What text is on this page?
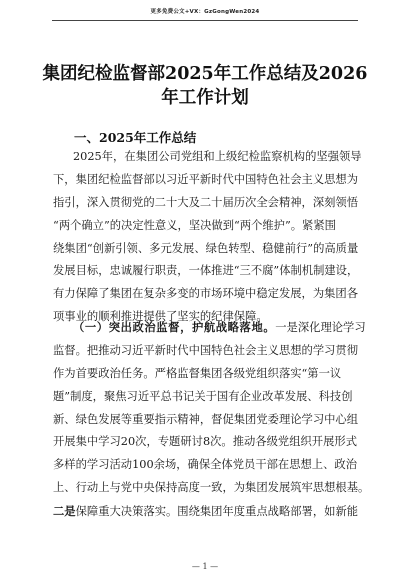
更多免费公文+VX：GzGongWen2024
集团纪检监督部2025年工作总结及2026
年工作计划
一、2025年工作总结
2025年，在集团公司党组和上级纪检监察机构的坚强领导
下，集团纪检监督部以习近平新时代中国特色社会主义思想为
指引，深入贯彻党的二十大及二十届历次全会精神，深刻领悟
“两个确立”的决定性意义，坚决做到“两个维护”。紧紧围
绕集团“创新引领、多元发展、绿色转型、稳健前行”的高质量
发展目标，忠诚履行职责，一体推进“三不腐”体制机制建设，
有力保障了集团在复杂多变的市场环境中稳定发展，为集团各
项事业的顺利推进提供了坚实的纪律保障。
（一）突出政治监督，护航战略落地。一是深化理论学习
监督。把推动习近平新时代中国特色社会主义思想的学习贯彻
作为首要政治任务。严格监督集团各级党组织落实“第一议
题”制度，聚焦习近平总书记关于国有企业改革发展、科技创
新、绿色发展等重要指示精神，督促集团党委理论学习中心组
开展集中学习20次，专题研讨8次。推动各级党组织开展形式
多样的学习活动100余场，确保全体党员干部在思想上、政治
上、行动上与党中央保持高度一致，为集团发展筑牢思想根基。
二是保障重大决策落实。围绕集团年度重点战略部署，如新能
— 1 —
